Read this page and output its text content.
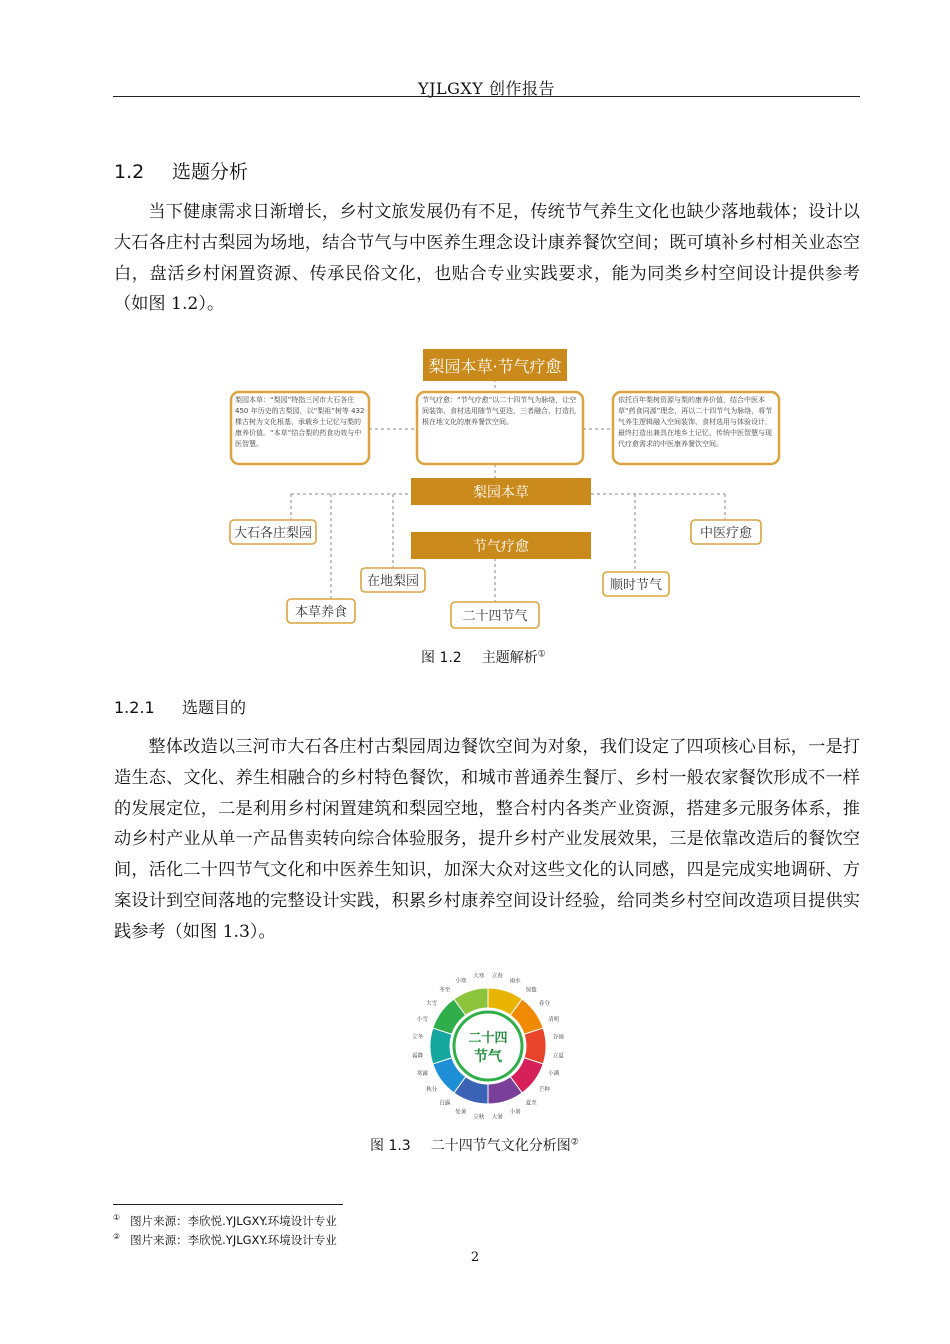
YJLGXY 创作报告
1.2 选题分析

当下健康需求日渐增长，乡村文旅发展仍有不足，传统节气养生文化也缺少落地载体；设计以大石各庄村古梨园为场地，结合节气与中医养生理念设计康养餐饮空间；既可填补乡村相关业态空白，盘活乡村闲置资源、传承民俗文化，也贴合专业实践要求，能为同类乡村空间设计提供参考（如图 1.2）。

梨园本草·节气疗愈
梨园本草：“梨园”特指三河市大石各庄 450 年历史的古梨园，以“梨祖”树等 432 棵古树为文化根基，承载乡土记忆与梨的康养价值。“本草”结合梨的药食功效与中医智慧。
节气疗愈：“节气疗愈”以二十四节气为脉络，让空间装饰、食材选用随节气更迭，三者融合，打造扎根在地文化的康养餐饮空间。
依托百年梨树资源与梨的康养价值，结合中医本草“药食同源”理念，再以二十四节气为脉络，将节气养生逻辑融入空间装饰、食材选用与体验设计，最终打造出兼具在地乡土记忆、传统中医智慧与现代疗愈需求的中医康养餐饮空间。
梨园本草
节气疗愈
大石各庄梨园
本草养食
在地梨园
二十四节气
顺时节气
中医疗愈
图 1.2 主题解析①
1.2.1 选题目的

整体改造以三河市大石各庄村古梨园周边餐饮空间为对象，我们设定了四项核心目标，一是打造生态、文化、养生相融合的乡村特色餐饮，和城市普通养生餐厅、乡村一般农家餐饮形成不一样的发展定位，二是利用乡村闲置建筑和梨园空地，整合村内各类产业资源，搭建多元服务体系，推动乡村产业从单一产品售卖转向综合体验服务，提升乡村产业发展效果，三是依靠改造后的餐饮空间，活化二十四节气文化和中医养生知识，加深大众对这些文化的认同感，四是完成实地调研、方案设计到空间落地的完整设计实践，积累乡村康养空间设计经验，给同类乡村空间改造项目提供实践参考（如图 1.3）。

立春
雨水
惊蛰
春分
清明
谷雨
立夏
小满
芒种
夏至
小暑
大暑
立秋
处暑
白露
秋分
寒露
霜降
立冬
小雪
大雪
冬至
小寒
大寒
二十四
节气
图 1.3 二十四节气文化分析图②
① 图片来源：李欣悦.YJLGXY.环境设计专业
② 图片来源：李欣悦.YJLGXY.环境设计专业
2
